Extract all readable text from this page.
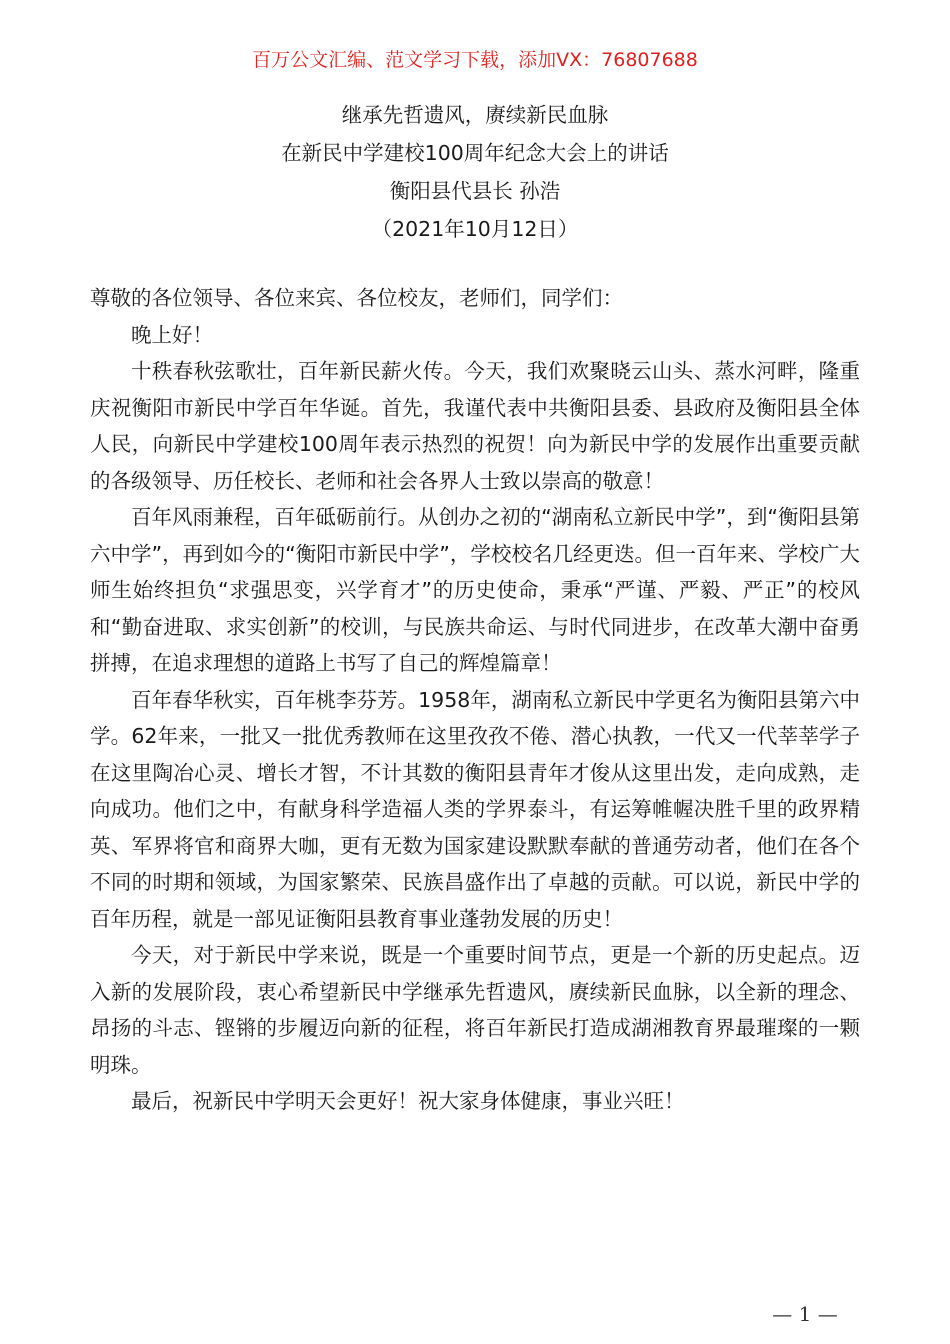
百万公文汇编、范文学习下载，添加VX：76807688
继承先哲遗风，赓续新民血脉
在新民中学建校100周年纪念大会上的讲话
衡阳县代县长 孙浩
（2021年10月12日）

尊敬的各位领导、各位来宾、各位校友，老师们，同学们：

晚上好！

十秩春秋弦歌壮，百年新民薪火传。今天，我们欢聚晓云山头、蒸水河畔，隆重庆祝衡阳市新民中学百年华诞。首先，我谨代表中共衡阳县委、县政府及衡阳县全体人民，向新民中学建校100周年表示热烈的祝贺！向为新民中学的发展作出重要贡献的各级领导、历任校长、老师和社会各界人士致以崇高的敬意！

百年风雨兼程，百年砥砺前行。从创办之初的“湖南私立新民中学”，到“衡阳县第六中学”，再到如今的“衡阳市新民中学”，学校校名几经更迭。但一百年来、学校广大师生始终担负“求强思变，兴学育才”的历史使命，秉承“严谨、严毅、严正”的校风和“勤奋进取、求实创新”的校训，与民族共命运、与时代同进步，在改革大潮中奋勇拼搏，在追求理想的道路上书写了自己的辉煌篇章！

百年春华秋实，百年桃李芬芳。1958年，湖南私立新民中学更名为衡阳县第六中学。62年来，一批又一批优秀教师在这里孜孜不倦、潜心执教，一代又一代莘莘学子在这里陶冶心灵、增长才智，不计其数的衡阳县青年才俊从这里出发，走向成熟，走向成功。他们之中，有献身科学造福人类的学界泰斗，有运筹帷幄决胜千里的政界精英、军界将官和商界大咖，更有无数为国家建设默默奉献的普通劳动者，他们在各个不同的时期和领域，为国家繁荣、民族昌盛作出了卓越的贡献。可以说，新民中学的百年历程，就是一部见证衡阳县教育事业蓬勃发展的历史！

今天，对于新民中学来说，既是一个重要时间节点，更是一个新的历史起点。迈入新的发展阶段，衷心希望新民中学继承先哲遗风，赓续新民血脉，以全新的理念、昂扬的斗志、铿锵的步履迈向新的征程，将百年新民打造成湖湘教育界最璀璨的一颗明珠。

最后，祝新民中学明天会更好！祝大家身体健康，事业兴旺！

— 1 —
